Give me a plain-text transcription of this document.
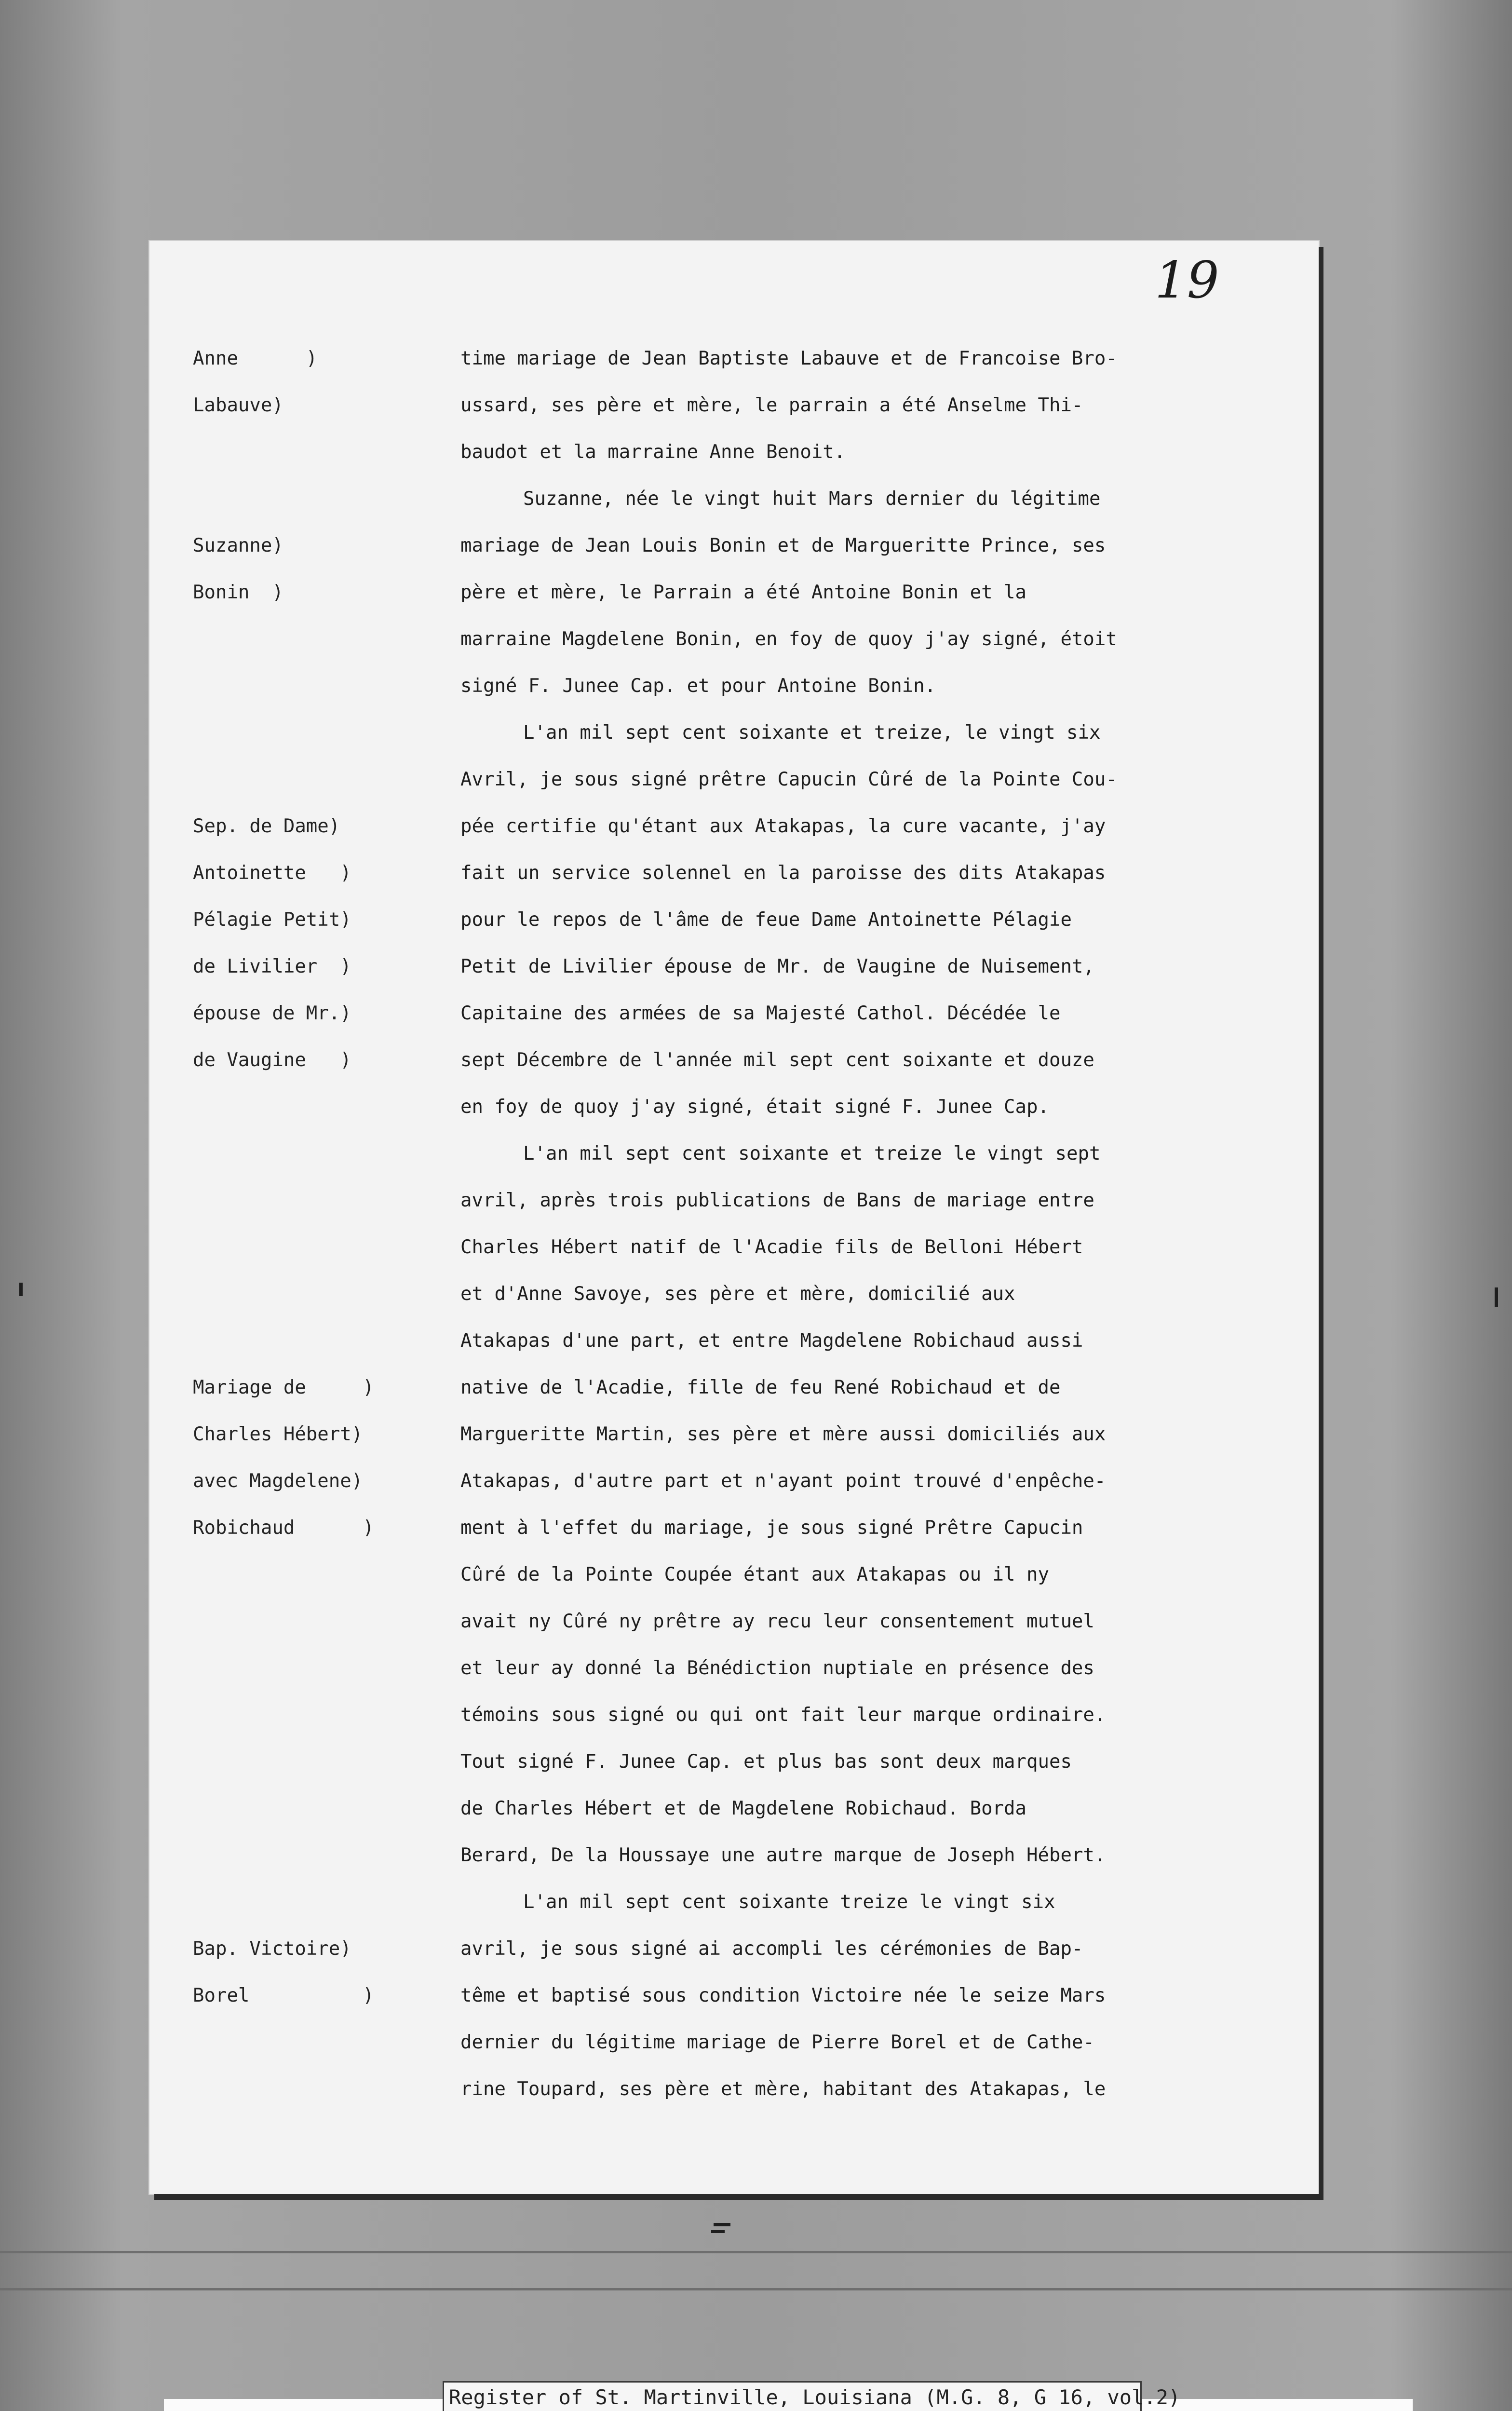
19
Anne      )
Labauve)
Suzanne)
Bonin  )
Sep. de Dame)
Antoinette   )
Pélagie Petit)
de Livilier  )
épouse de Mr.)
de Vaugine   )
Mariage de     )
Charles Hébert)
avec Magdelene)
Robichaud      )
Bap. Victoire)
Borel          )
time mariage de Jean Baptiste Labauve et de Francoise Bro-
ussard, ses père et mère, le parrain a été Anselme Thi-
baudot et la marraine Anne Benoit.
Suzanne, née le vingt huit Mars dernier du légitime
mariage de Jean Louis Bonin et de Margueritte Prince, ses
père et mère, le Parrain a été Antoine Bonin et la
marraine Magdelene Bonin, en foy de quoy j'ay signé, étoit
signé F. Junee Cap. et pour Antoine Bonin.
L'an mil sept cent soixante et treize, le vingt six
Avril, je sous signé prêtre Capucin Cûré de la Pointe Cou-
pée certifie qu'étant aux Atakapas, la cure vacante, j'ay
fait un service solennel en la paroisse des dits Atakapas
pour le repos de l'âme de feue Dame Antoinette Pélagie
Petit de Livilier épouse de Mr. de Vaugine de Nuisement,
Capitaine des armées de sa Majesté Cathol. Décédée le
sept Décembre de l'année mil sept cent soixante et douze
en foy de quoy j'ay signé, était signé F. Junee Cap.
L'an mil sept cent soixante et treize le vingt sept
avril, après trois publications de Bans de mariage entre
Charles Hébert natif de l'Acadie fils de Belloni Hébert
et d'Anne Savoye, ses père et mère, domicilié aux
Atakapas d'une part, et entre Magdelene Robichaud aussi
native de l'Acadie, fille de feu René Robichaud et de
Margueritte Martin, ses père et mère aussi domiciliés aux
Atakapas, d'autre part et n'ayant point trouvé d'enpêche-
ment à l'effet du mariage, je sous signé Prêtre Capucin
Cûré de la Pointe Coupée étant aux Atakapas ou il ny
avait ny Cûré ny prêtre ay recu leur consentement mutuel
et leur ay donné la Bénédiction nuptiale en présence des
témoins sous signé ou qui ont fait leur marque ordinaire.
Tout signé F. Junee Cap. et plus bas sont deux marques
de Charles Hébert et de Magdelene Robichaud. Borda
Berard, De la Houssaye une autre marque de Joseph Hébert.
L'an mil sept cent soixante treize le vingt six
avril, je sous signé ai accompli les cérémonies de Bap-
tême et baptisé sous condition Victoire née le seize Mars
dernier du légitime mariage de Pierre Borel et de Cathe-
rine Toupard, ses père et mère, habitant des Atakapas, le
Register of St. Martinville, Louisiana (M.G. 8, G 16, vol.2)
